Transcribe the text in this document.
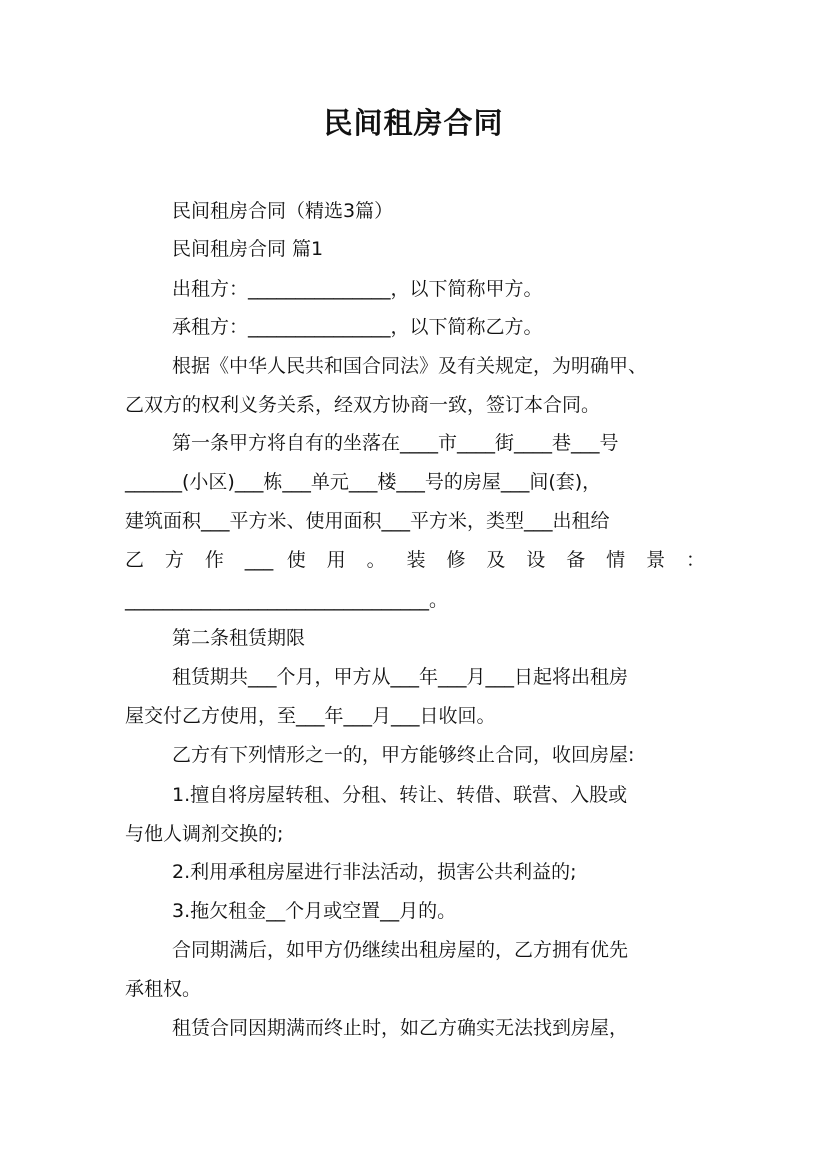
民间租房合同
民间租房合同（精选3篇）
民间租房合同 篇1
出租方：_______________，以下简称甲方。
承租方：_______________，以下简称乙方。
根据《中华人民共和国合同法》及有关规定，为明确甲、
乙双方的权利义务关系，经双方协商一致，签订本合同。
第一条甲方将自有的坐落在____市____街____巷___号
______(小区)___栋___单元___楼___号的房屋___间(套)，
建筑面积___平方米、使用面积___平方米，类型___出租给
乙 方 作 ___ 使 用 。 装 修 及 设 备 情 景 ：
________________________________。
第二条租赁期限
租赁期共___个月，甲方从___年___月___日起将出租房
屋交付乙方使用，至___年___月___日收回。
乙方有下列情形之一的，甲方能够终止合同，收回房屋:
1.擅自将房屋转租、分租、转让、转借、联营、入股或
与他人调剂交换的;
2.利用承租房屋进行非法活动，损害公共利益的;
3.拖欠租金__个月或空置__月的。
合同期满后，如甲方仍继续出租房屋的，乙方拥有优先
承租权。
租赁合同因期满而终止时，如乙方确实无法找到房屋，
